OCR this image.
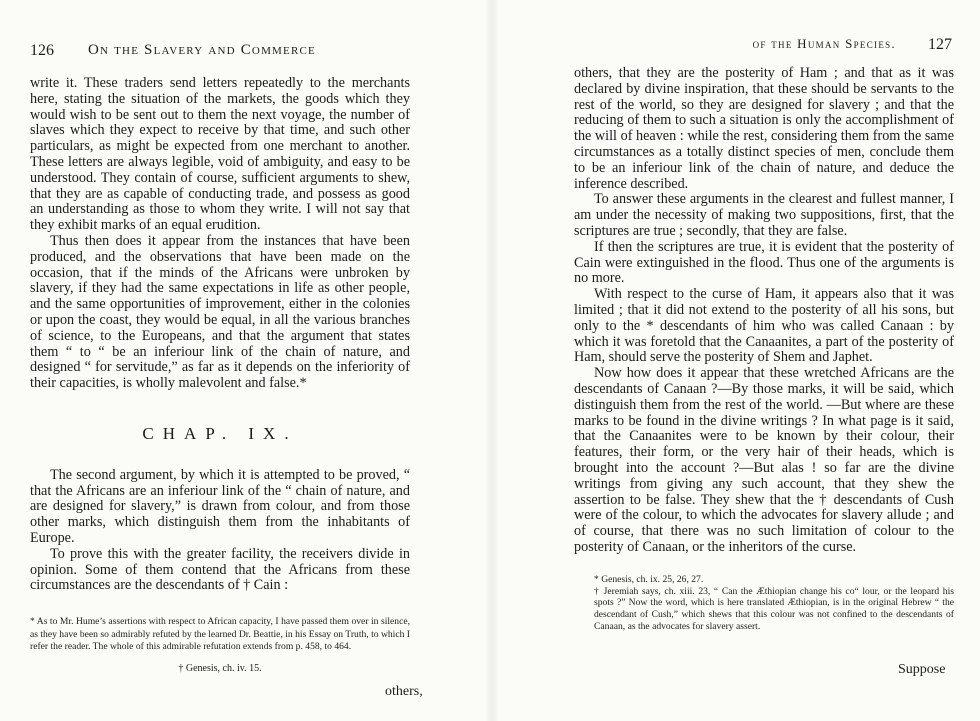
126	On the Slavery and Commerce

write it. These traders send letters repeatedly to the merchants here, stating the situation of the markets, the goods which they would wish to be sent out to them the next voyage, the number of slaves which they expect to receive by that time, and such other particulars, as might be expected from one merchant to another. These letters are always legible, void of ambiguity, and easy to be understood. They contain of course, sufficient arguments to shew, that they are as capable of conducting trade, and possess as good an understanding as those to whom they write. I will not say that they exhibit marks of an equal erudition.

Thus then does it appear from the instances that have been produced, and the observations that have been made on the occasion, that if the minds of the Africans were unbroken by slavery, if they had the same expectations in life as other people, and the same opportunities of improvement, either in the colonies or upon the coast, they would be equal, in all the various branches of science, to the Europeans, and that the argument that states them “ to “ be an inferiour link of the chain of nature, and designed “ for servitude,” as far as it depends on the inferiority of their capacities, is wholly malevolent and false.*

CHAP. IX.

The second argument, by which it is attempted to be proved, “ that the Africans are an inferiour link of the “ chain of nature, and are designed for slavery,” is drawn from colour, and from those other marks, which distinguish them from the inhabitants of Europe.

To prove this with the greater facility, the receivers divide in opinion. Some of them contend that the Africans from these circumstances are the descendants of † Cain :

* As to Mr. Hume’s assertions with respect to African capacity, I have passed them over in silence, as they have been so admirably refuted by the learned Dr. Beattie, in his Essay on Truth, to which I refer the reader. The whole of this admirable refutation extends from p. 458, to 464.
† Genesis, ch. iv. 15.
others,
of the Human Species. 127

others, that they are the posterity of Ham ; and that as it was declared by divine inspiration, that these should be servants to the rest of the world, so they are designed for slavery ; and that the reducing of them to such a situation is only the accomplishment of the will of heaven : while the rest, considering them from the same circumstances as a totally distinct species of men, conclude them to be an inferiour link of the chain of nature, and deduce the inference described.

To answer these arguments in the clearest and fullest manner, I am under the necessity of making two suppositions, first, that the scriptures are true ; secondly, that they are false.

If then the scriptures are true, it is evident that the posterity of Cain were extinguished in the flood. Thus one of the arguments is no more.

With respect to the curse of Ham, it appears also that it was limited ; that it did not extend to the posterity of all his sons, but only to the * descendants of him who was called Canaan : by which it was foretold that the Canaanites, a part of the posterity of Ham, should serve the posterity of Shem and Japhet.

Now how does it appear that these wretched Africans are the descendants of Canaan ?—By those marks, it will be said, which distinguish them from the rest of the world. —But where are these marks to be found in the divine writings ? In what page is it said, that the Canaanites were to be known by their colour, their features, their form, or the very hair of their heads, which is brought into the account ?—But alas ! so far are the divine writings from giving any such account, that they shew the assertion to be false. They shew that the † descendants of Cush were of the colour, to which the advocates for slavery allude ; and of course, that there was no such limitation of colour to the posterity of Canaan, or the inheritors of the curse.

* Genesis, ch. ix. 25, 26, 27.
† Jeremiah says, ch. xiii. 23, “ Can the Æthiopian change his co“ lour, or the leopard his spots ?” Now the word, which is here translated Æthiopian, is in the original Hebrew “ the descendant of Cush,” which shews that this colour was not confined to the descendants of Canaan, as the advocates for slavery assert.
Suppose
